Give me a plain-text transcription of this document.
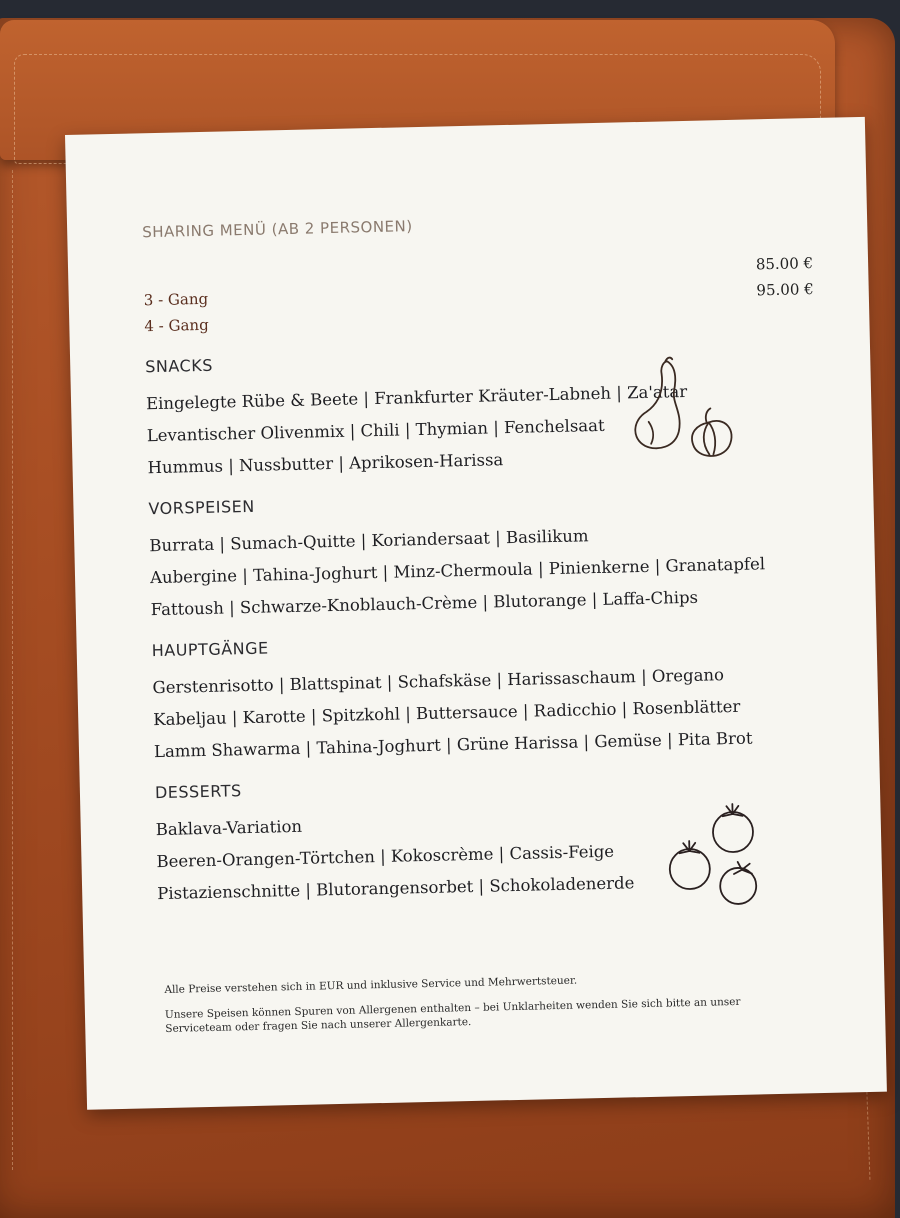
SHARING MENÜ (AB 2 PERSONEN)
3 - Gang
85.00 €
4 - Gang
95.00 €
SNACKS
Eingelegte Rübe & Beete | Frankfurter Kräuter-Labneh | Za'atar
Levantischer Olivenmix | Chili | Thymian | Fenchelsaat
Hummus | Nussbutter | Aprikosen-Harissa
VORSPEISEN
Burrata | Sumach-Quitte | Koriandersaat | Basilikum
Aubergine | Tahina-Joghurt | Minz-Chermoula | Pinienkerne | Granatapfel
Fattoush | Schwarze-Knoblauch-Crème | Blutorange | Laffa-Chips
HAUPTGÄNGE
Gerstenrisotto | Blattspinat | Schafskäse | Harissaschaum | Oregano
Kabeljau | Karotte | Spitzkohl | Buttersauce | Radicchio | Rosenblätter
Lamm Shawarma | Tahina-Joghurt | Grüne Harissa | Gemüse | Pita Brot
DESSERTS
Baklava-Variation
Beeren-Orangen-Törtchen | Kokoscrème | Cassis-Feige
Pistazienschnitte | Blutorangensorbet | Schokoladenerde

Alle Preise verstehen sich in EUR und inklusive Service und Mehrwertsteuer.

Unsere Speisen können Spuren von Allergenen enthalten – bei Unklarheiten wenden Sie sich bitte an unser Serviceteam oder fragen Sie nach unserer Allergenkarte.
